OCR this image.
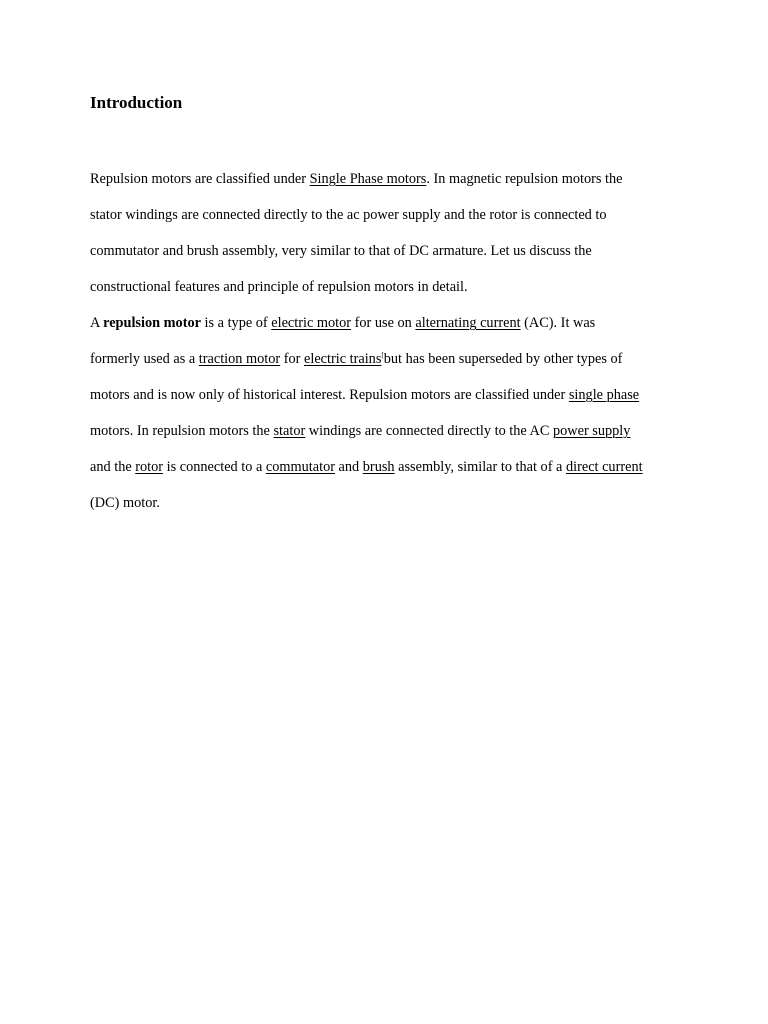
Introduction

Repulsion motors are classified under Single Phase motors. In magnetic repulsion motors the
stator windings are connected directly to the ac power supply and the rotor is connected to
commutator and brush assembly, very similar to that of DC armature. Let us discuss the
constructional features and principle of repulsion motors in detail.

A repulsion motor is a type of electric motor for use on alternating current (AC). It was
formerly used as a traction motor for electric trains[but has been superseded by other types of
motors and is now only of historical interest. Repulsion motors are classified under single phase
motors. In repulsion motors the stator windings are connected directly to the AC power supply
and the rotor is connected to a commutator and brush assembly, similar to that of a direct current
(DC) motor.
